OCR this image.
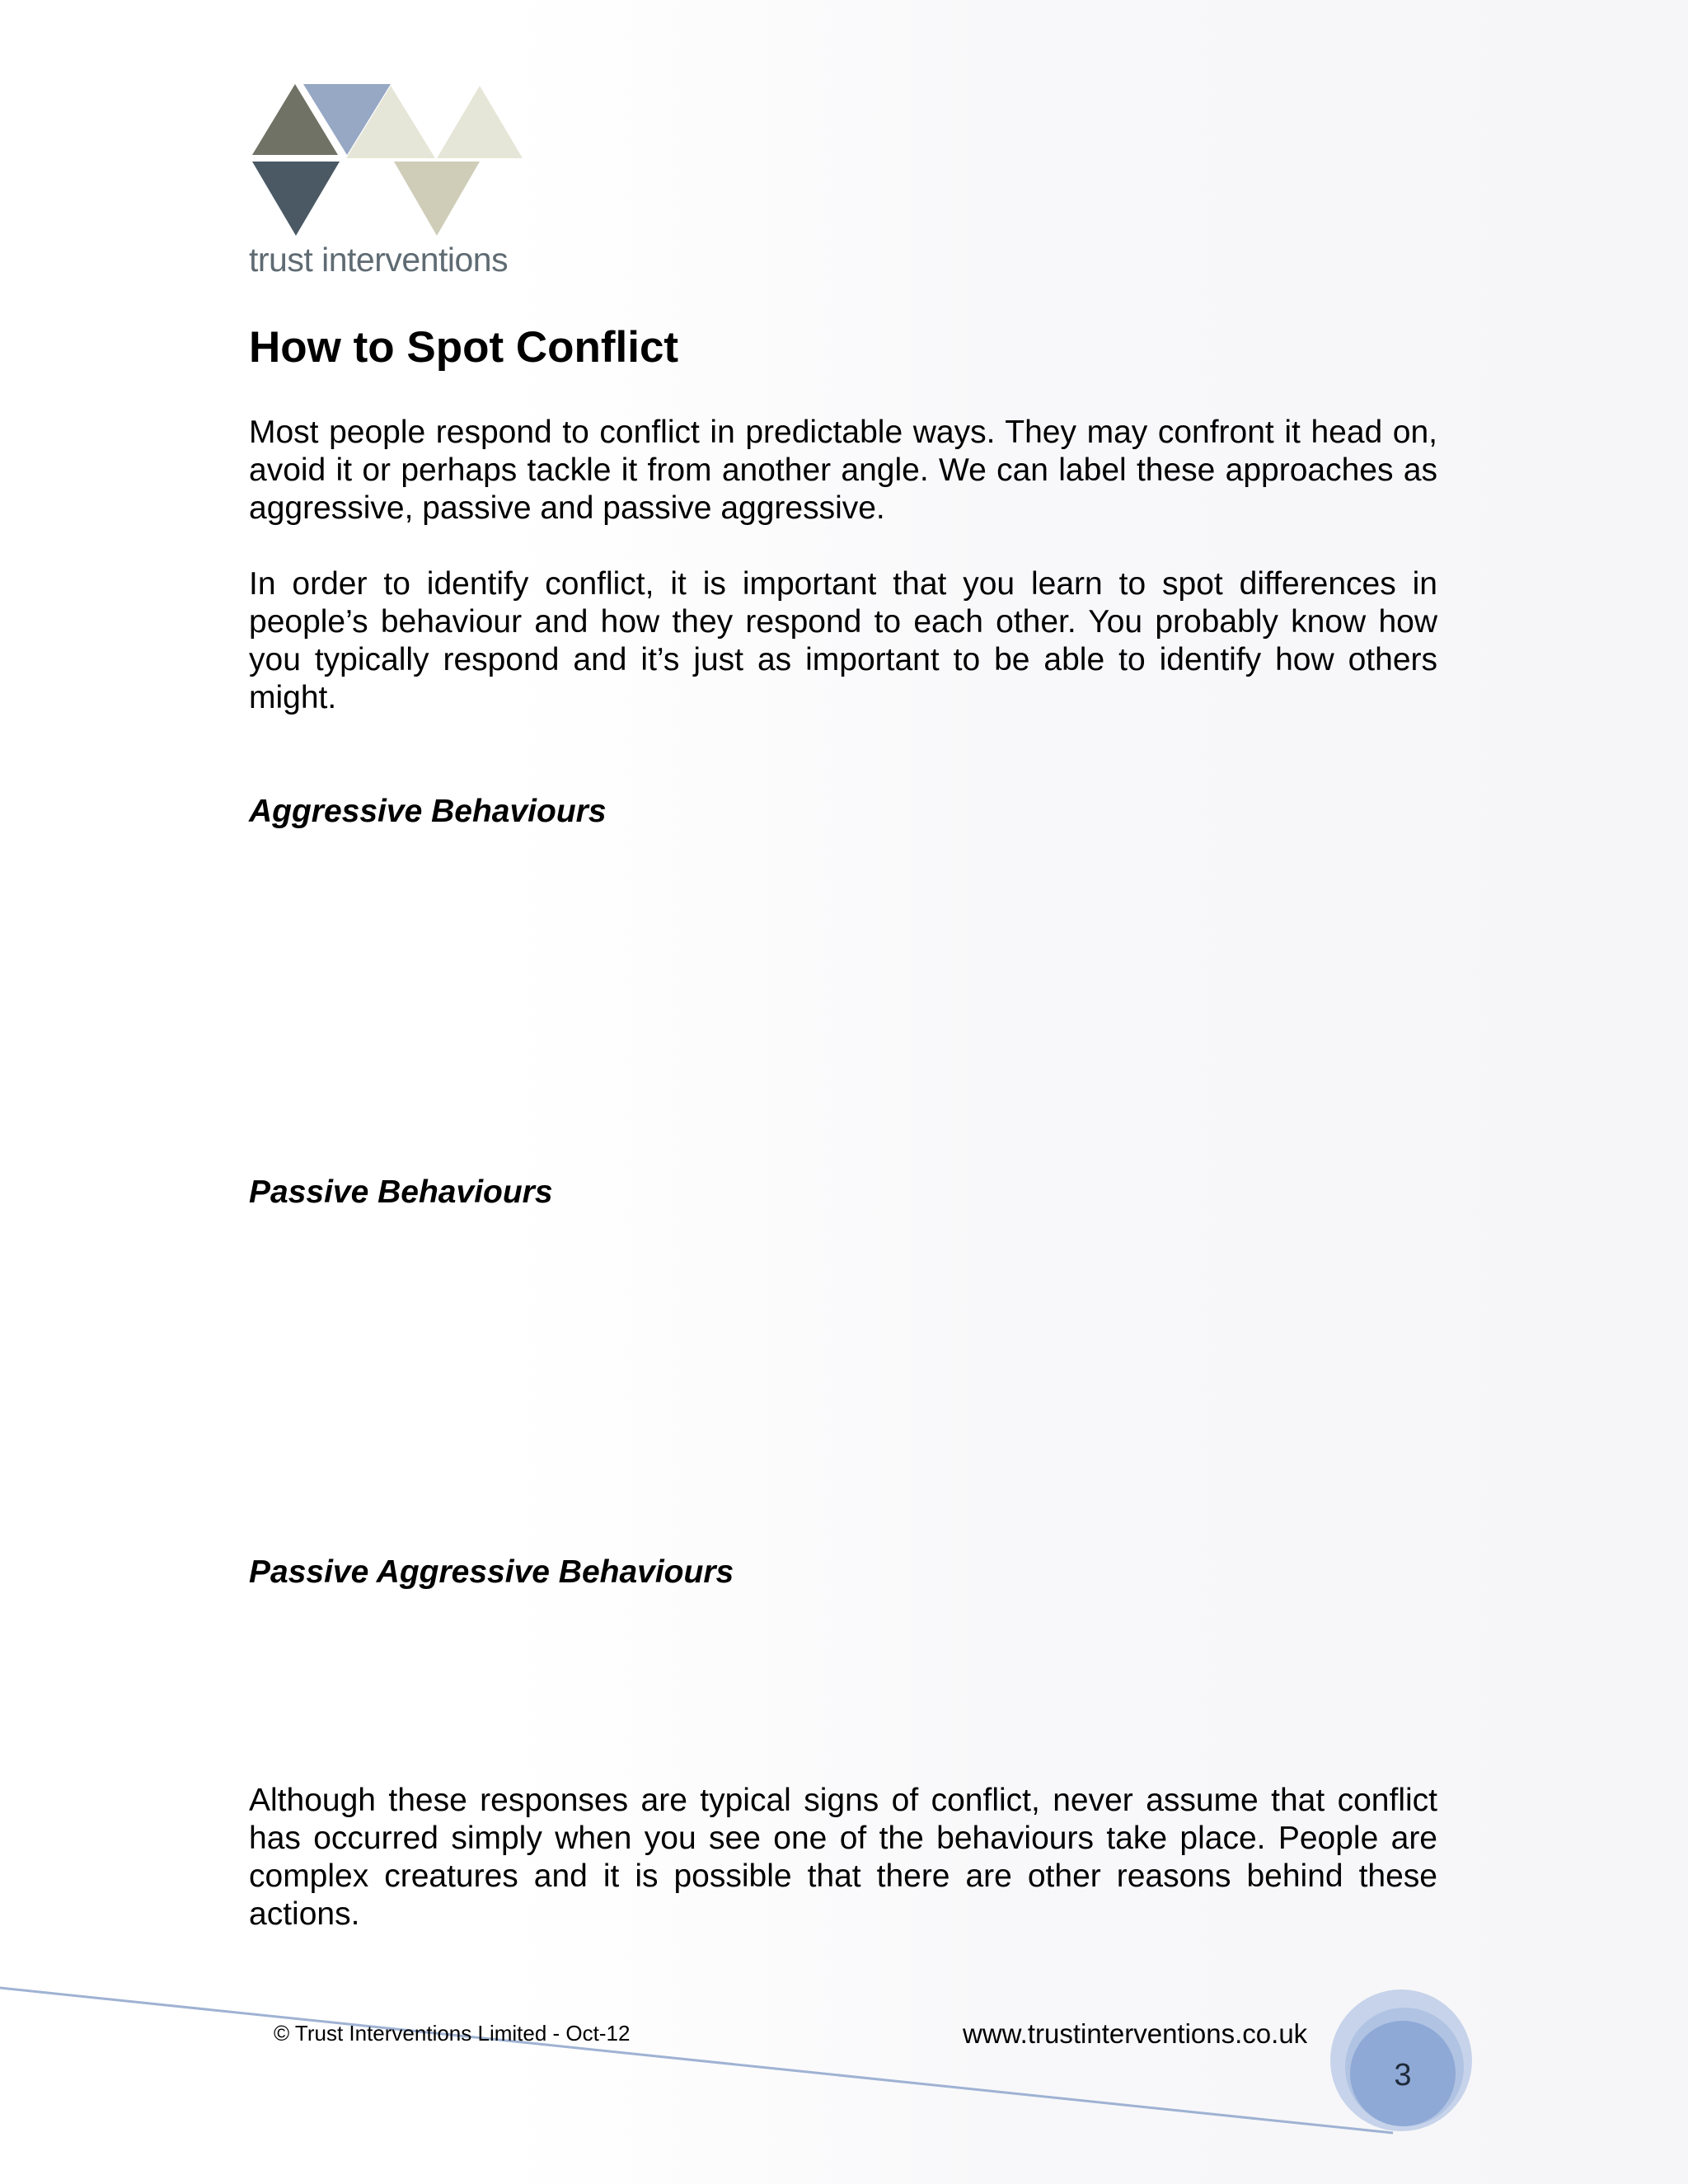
trust interventions
How to Spot Conflict

Most people respond to conflict in predictable ways. They may confront it head on, avoid it or perhaps tackle it from another angle. We can label these approaches as aggressive, passive and passive aggressive.

In order to identify conflict, it is important that you learn to spot differences in people’s behaviour and how they respond to each other. You probably know how you typically respond and it’s just as important to be able to identify how others might.

Aggressive Behaviours
Passive Behaviours
Passive Aggressive Behaviours

Although these responses are typical signs of conflict, never assume that conflict has occurred simply when you see one of the behaviours take place. People are complex creatures and it is possible that there are other reasons behind these actions.

© Trust Interventions Limited - Oct-12	www.trustinterventions.co.uk
3
